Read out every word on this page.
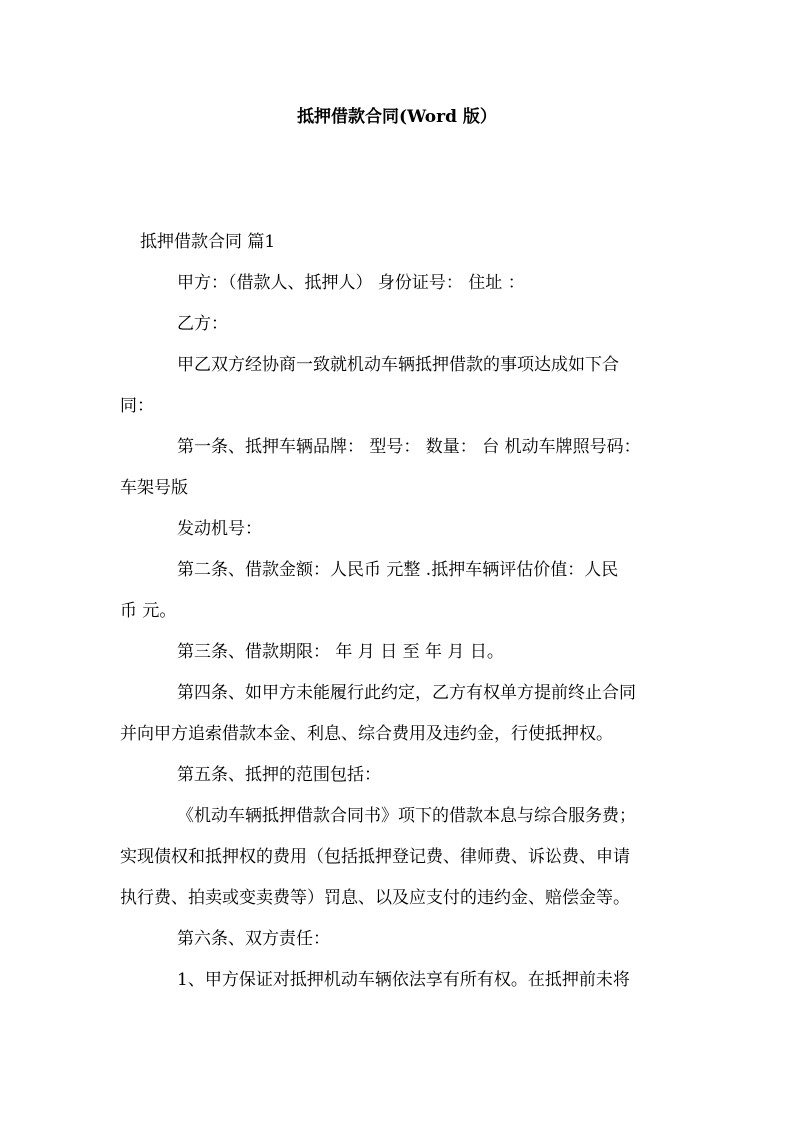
抵押借款合同(Word 版）
抵押借款合同 篇1
甲方：（借款人、抵押人） 身份证号： 住址 ：
乙方：
甲乙双方经协商一致就机动车辆抵押借款的事项达成如下合
同：
第一条、抵押车辆品牌： 型号： 数量： 台 机动车牌照号码：
车架号版
发动机号：
第二条、借款金额：人民币 元整 .抵押车辆评估价值：人民
币 元。
第三条、借款期限： 年 月 日 至 年 月 日。
第四条、如甲方未能履行此约定，乙方有权单方提前终止合同
并向甲方追索借款本金、利息、综合费用及违约金，行使抵押权。
第五条、抵押的范围包括：
《机动车辆抵押借款合同书》项下的借款本息与综合服务费；
实现债权和抵押权的费用（包括抵押登记费、律师费、诉讼费、申请
执行费、拍卖或变卖费等）罚息、以及应支付的违约金、赔偿金等。
第六条、双方责任：
1、甲方保证对抵押机动车辆依法享有所有权。在抵押前未将
